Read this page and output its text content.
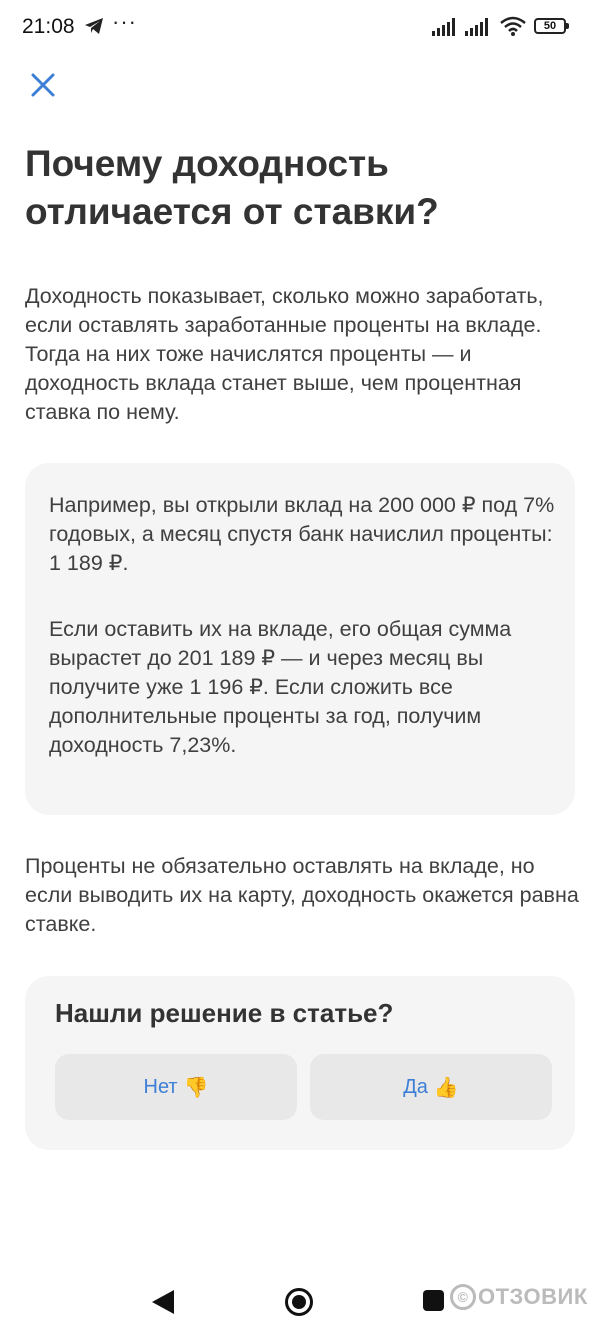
21:08 ···	50
Почему доходность
отличается от ставки?

Доходность показывает, сколько можно заработать, если оставлять заработанные проценты на вкладе. Тогда на них тоже начислятся проценты — и доходность вклада станет выше, чем процентная ставка по нему.

Например, вы открыли вклад на 200 000 ₽ под 7% годовых, а месяц спустя банк начислил проценты: 1 189 ₽.

Если оставить их на вкладе, его общая сумма вырастет до 201 189 ₽ — и через месяц вы получите уже 1 196 ₽. Если сложить все дополнительные проценты за год, получим доходность 7,23%.

Проценты не обязательно оставлять на вкладе, но если выводить их на карту, доходность окажется равна ставке.

Нашли решение в статье?
Нет 👎	Да 👍
© ОТЗОВИК
